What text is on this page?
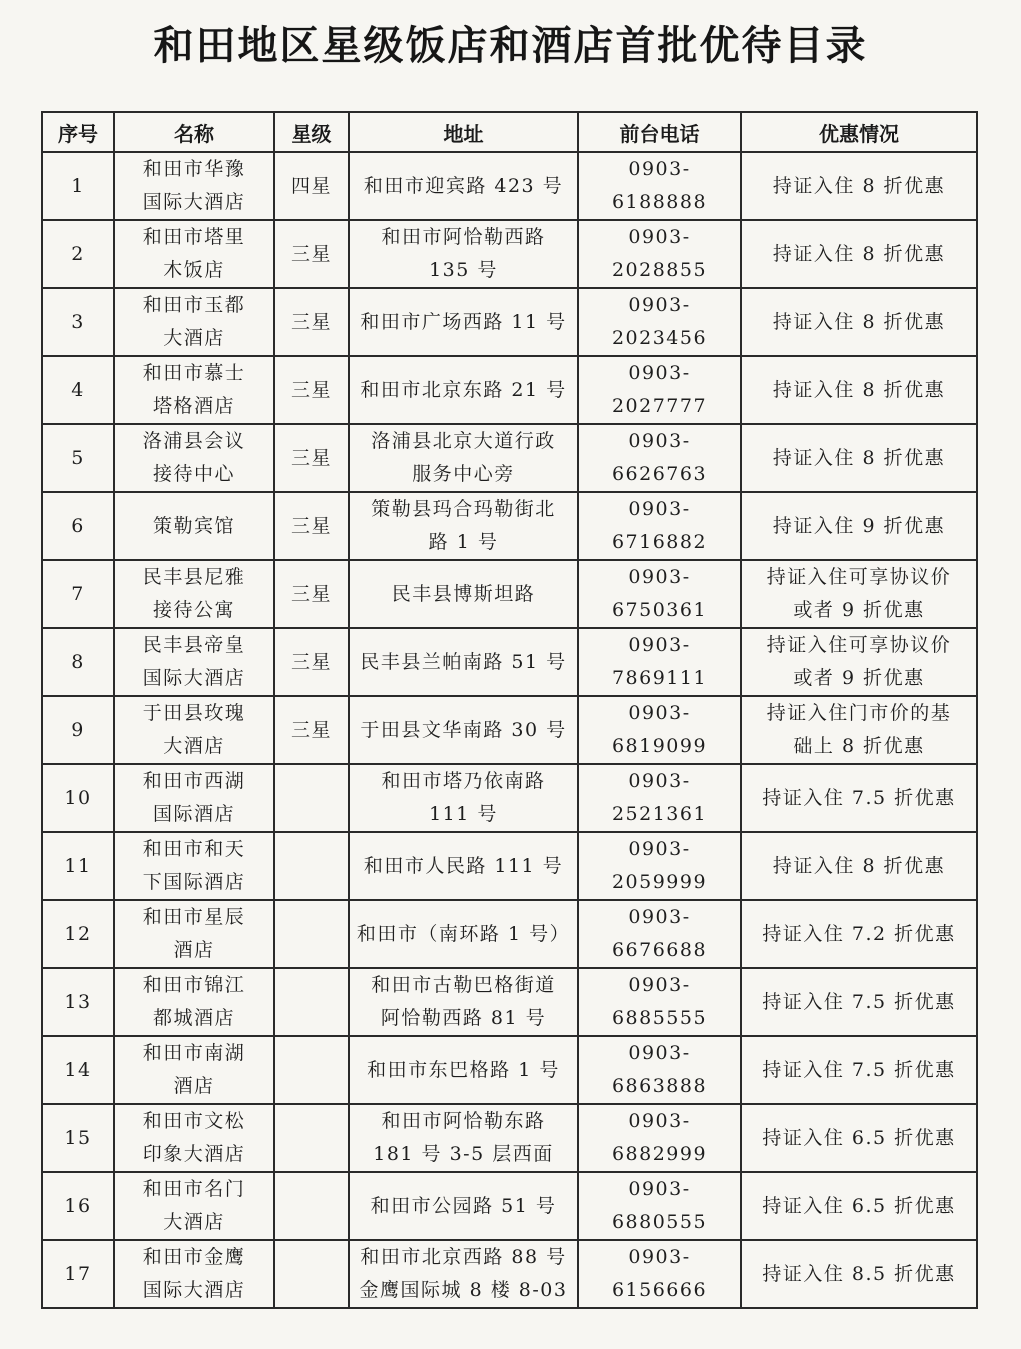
和田地区星级饭店和酒店首批优待目录
序号	名称	星级	地址	前台电话	优惠情况
1	和田市华豫
国际大酒店	四星	和田市迎宾路 423 号	0903-6188888	持证入住 8 折优惠

2	和田市塔里
木饭店	三星	和田市阿恰勒西路
135 号	0903-2028855	持证入住 8 折优惠

3	和田市玉都
大酒店	三星	和田市广场西路 11 号	0903-2023456	持证入住 8 折优惠

4	和田市慕士
塔格酒店	三星	和田市北京东路 21 号	0903-2027777	持证入住 8 折优惠

5	洛浦县会议
接待中心	三星	洛浦县北京大道行政
服务中心旁	0903-6626763	持证入住 8 折优惠

6	策勒宾馆	三星	策勒县玛合玛勒街北
路 1 号	0903-6716882	持证入住 9 折优惠

7	民丰县尼雅
接待公寓	三星	民丰县博斯坦路	0903-6750361	持证入住可享协议价
或者 9 折优惠

8	民丰县帝皇
国际大酒店	三星	民丰县兰帕南路 51 号	0903-7869111	持证入住可享协议价
或者 9 折优惠

9	于田县玫瑰
大酒店	三星	于田县文华南路 30 号	0903-6819099	持证入住门市价的基
础上 8 折优惠

10	和田市西湖
国际酒店		和田市塔乃依南路
111 号	0903-2521361	持证入住 7.5 折优惠

11	和田市和天
下国际酒店		和田市人民路 111 号	0903-2059999	持证入住 8 折优惠

12	和田市星辰
酒店		和田市（南环路 1 号）	0903-6676688	持证入住 7.2 折优惠

13	和田市锦江
都城酒店		和田市古勒巴格街道
阿恰勒西路 81 号	0903-6885555	持证入住 7.5 折优惠

14	和田市南湖
酒店		和田市东巴格路 1 号	0903-6863888	持证入住 7.5 折优惠

15	和田市文松
印象大酒店		和田市阿恰勒东路
181 号 3-5 层西面	0903-6882999	持证入住 6.5 折优惠

16	和田市名门
大酒店		和田市公园路 51 号	0903-6880555	持证入住 6.5 折优惠

17	和田市金鹰
国际大酒店		和田市北京西路 88 号
金鹰国际城 8 楼 8-03	0903-6156666	持证入住 8.5 折优惠
